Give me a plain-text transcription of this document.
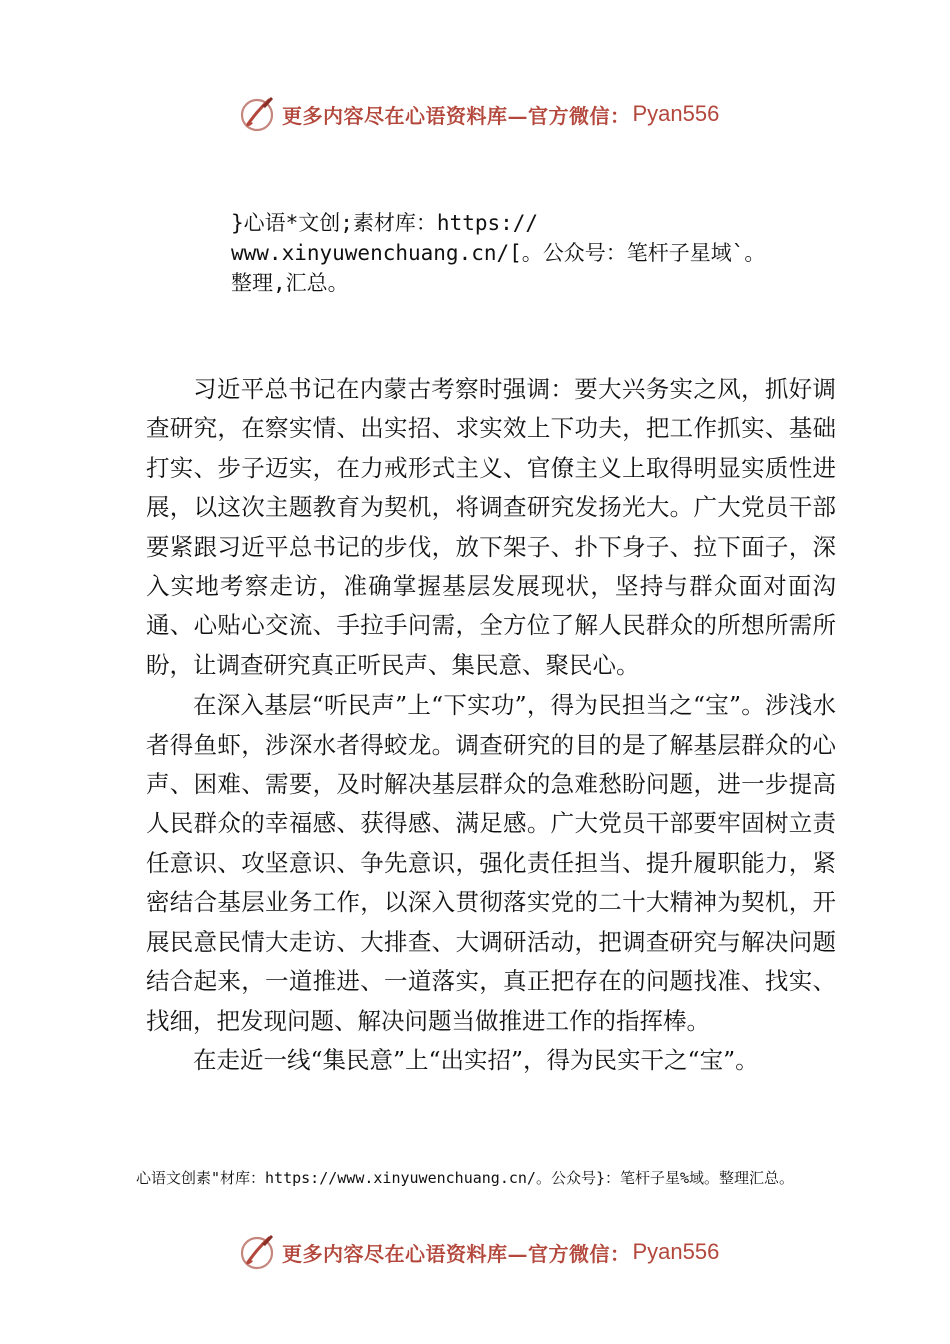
更多内容尽在心语资料库—官方微信： Pyan556
}心语*文创;素材库：https://
www.xinyuwenchuang.cn/[。公众号：笔杆子星域`。
整理,汇总。

习近平总书记在内蒙古考察时强调：要大兴务实之风，抓好调查研究，在察实情、出实招、求实效上下功夫，把工作抓实、基础打实、步子迈实，在力戒形式主义、官僚主义上取得明显实质性进展，以这次主题教育为契机，将调查研究发扬光大。广大党员干部要紧跟习近平总书记的步伐，放下架子、扑下身子、拉下面子，深入实地考察走访，准确掌握基层发展现状，坚持与群众面对面沟通、心贴心交流、手拉手问需，全方位了解人民群众的所想所需所盼，让调查研究真正听民声、集民意、聚民心。

在深入基层“听民声”上“下实功”，得为民担当之“宝”。涉浅水者得鱼虾，涉深水者得蛟龙。调查研究的目的是了解基层群众的心声、困难、需要，及时解决基层群众的急难愁盼问题，进一步提高人民群众的幸福感、获得感、满足感。广大党员干部要牢固树立责任意识、攻坚意识、争先意识，强化责任担当、提升履职能力，紧密结合基层业务工作，以深入贯彻落实党的二十大精神为契机，开展民意民情大走访、大排查、大调研活动，把调查研究与解决问题结合起来，一道推进、一道落实，真正把存在的问题找准、找实、找细，把发现问题、解决问题当做推进工作的指挥棒。

在走近一线“集民意”上“出实招”，得为民实干之“宝”。

心语文创素"材库：https://www.xinyuwenchuang.cn/。公众号}：笔杆子星%域。整理汇总。
更多内容尽在心语资料库—官方微信： Pyan556
